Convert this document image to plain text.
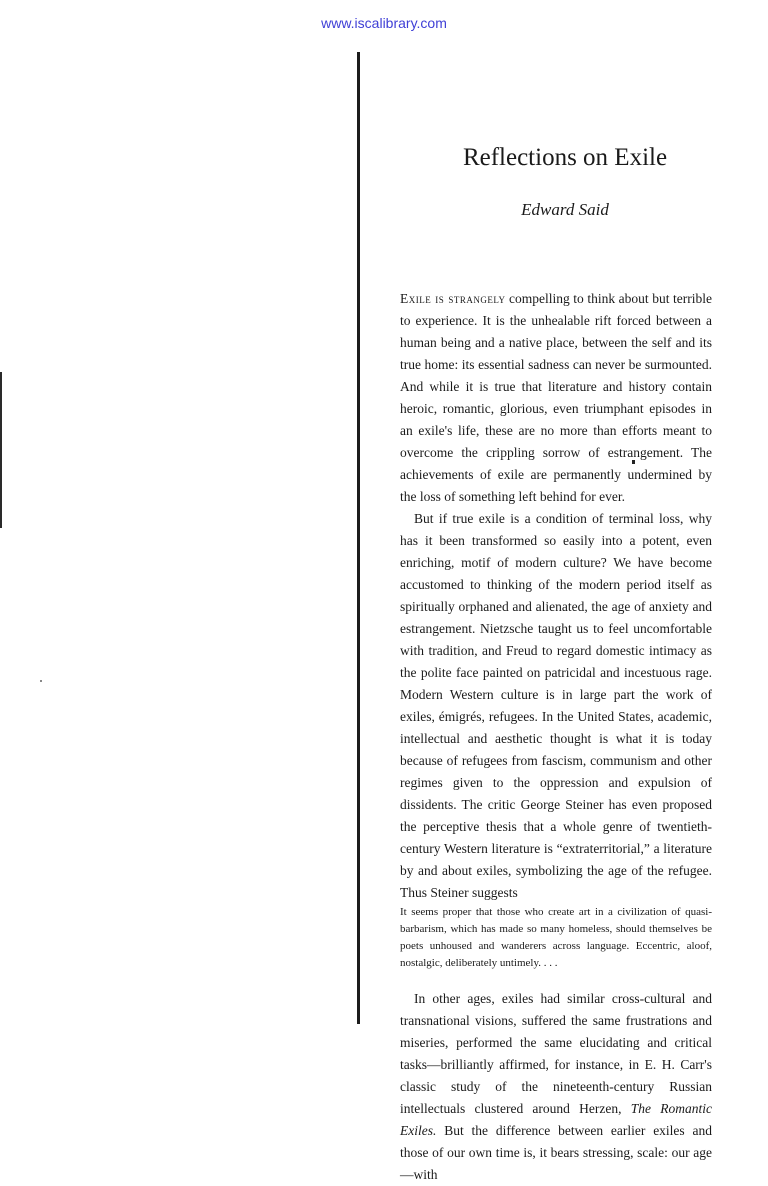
www.iscalibrary.com
Reflections on Exile
Edward Said

Exile is strangely compelling to think about but terrible to experience. It is the unhealable rift forced between a human being and a native place, between the self and its true home: its essential sadness can never be surmounted. And while it is true that literature and history contain heroic, romantic, glorious, even triumphant episodes in an exile's life, these are no more than efforts meant to overcome the crippling sorrow of estrangement. The achievements of exile are permanently undermined by the loss of something left behind for ever.

But if true exile is a condition of terminal loss, why has it been transformed so easily into a potent, even enriching, motif of modern culture? We have become accustomed to thinking of the modern period itself as spiritually orphaned and alienated, the age of anxiety and estrangement. Nietzsche taught us to feel uncomfortable with tradition, and Freud to regard domestic intimacy as the polite face painted on patricidal and incestuous rage. Modern Western culture is in large part the work of exiles, émigrés, refugees. In the United States, academic, intellectual and aesthetic thought is what it is today because of refugees from fascism, communism and other regimes given to the oppression and expulsion of dissidents. The critic George Steiner has even proposed the perceptive thesis that a whole genre of twentieth-century Western literature is “extraterritorial,” a literature by and about exiles, symbolizing the age of the refugee. Thus Steiner suggests

It seems proper that those who create art in a civilization of quasi-barbarism, which has made so many homeless, should themselves be poets unhoused and wanderers across language. Eccentric, aloof, nostalgic, deliberately untimely. . . .

In other ages, exiles had similar cross-cultural and transnational visions, suffered the same frustrations and miseries, performed the same elucidating and critical tasks—brilliantly affirmed, for instance, in E. H. Carr's classic study of the nineteenth-century Russian intellectuals clustered around Herzen, The Romantic Exiles. But the difference between earlier exiles and those of our own time is, it bears stressing, scale: our age—with
